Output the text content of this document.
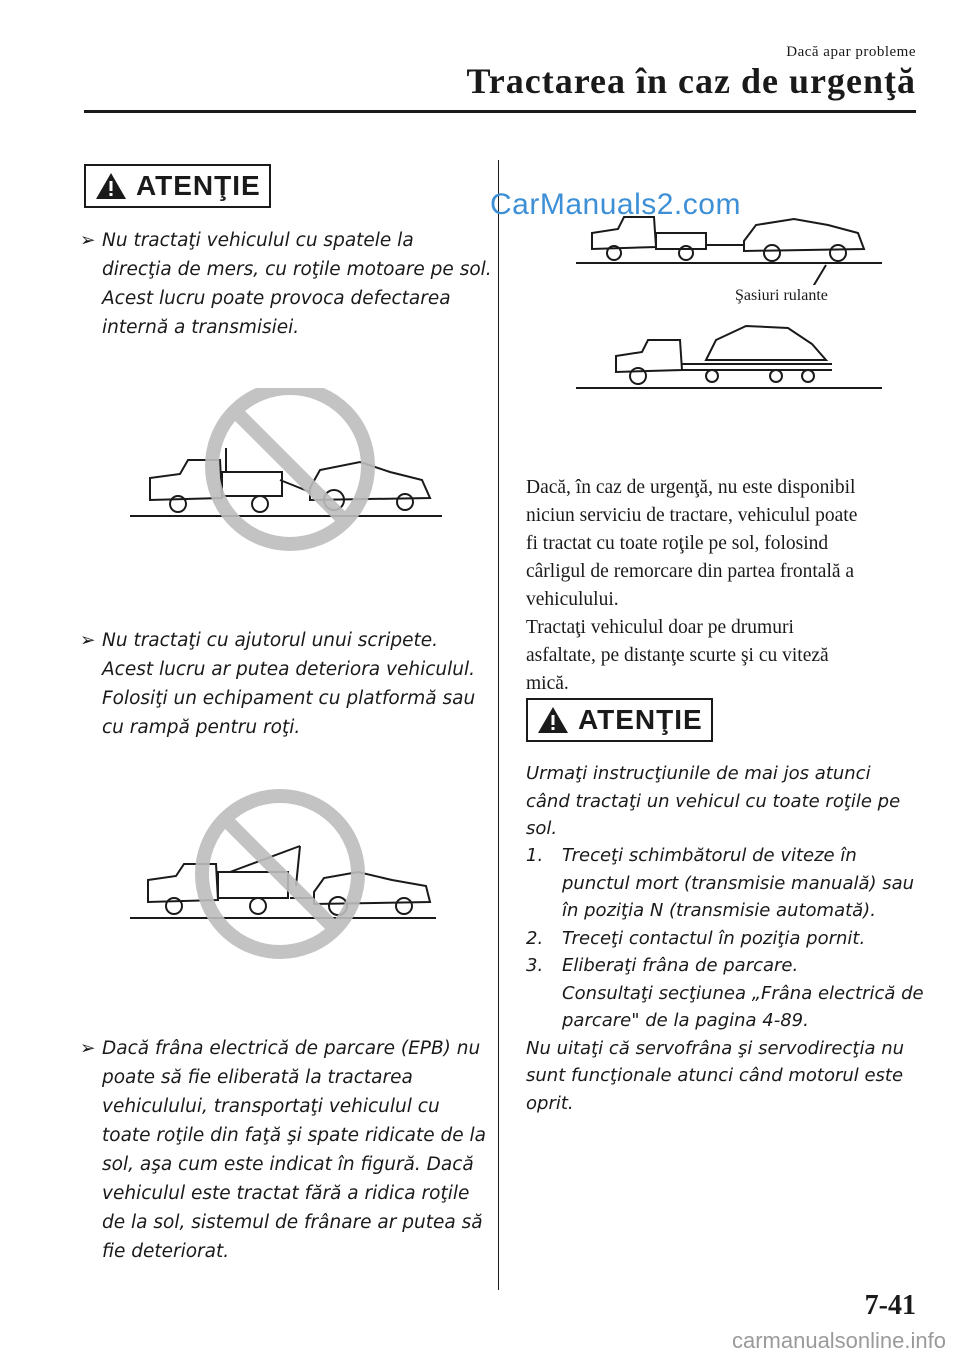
Dacă apar probleme
Tractarea în caz de urgenţă
ATENŢIE
➢ Nu tractaţi vehiculul cu spatele la
direcţia de mers, cu roţile motoare pe sol.
Acest lucru poate provoca defectarea
internă a transmisiei.
➢ Nu tractaţi cu ajutorul unui scripete.
Acest lucru ar putea deteriora vehiculul.
Folosiţi un echipament cu platformă sau
cu rampă pentru roţi.
➢ Dacă frâna electrică de parcare (EPB) nu
poate să fie eliberată la tractarea
vehiculului, transportaţi vehiculul cu
toate roţile din faţă şi spate ridicate de la
sol, aşa cum este indicat în figură. Dacă
vehiculul este tractat fără a ridica roţile
de la sol, sistemul de frânare ar putea să
fie deteriorat.
CarManuals2.com
Şasiuri rulante
Dacă, în caz de urgenţă, nu este disponibil
niciun serviciu de tractare, vehiculul poate
fi tractat cu toate roţile pe sol, folosind
cârligul de remorcare din partea frontală a
vehiculului.
Tractaţi vehiculul doar pe drumuri
asfaltate, pe distanţe scurte şi cu viteză
mică.
ATENŢIE
Urmaţi instrucţiunile de mai jos atunci
când tractaţi un vehicul cu toate roţile pe
sol.
1. Treceţi schimbătorul de viteze în
punctul mort (transmisie manuală) sau
în poziţia N (transmisie automată).
2. Treceţi contactul în poziţia pornit.
3. Eliberaţi frâna de parcare.
Consultaţi secţiunea „Frâna electrică de
parcare" de la pagina 4-89.
Nu uitaţi că servofrâna şi servodirecţia nu
sunt funcţionale atunci când motorul este
oprit.
7-41
carmanualsonline.info
